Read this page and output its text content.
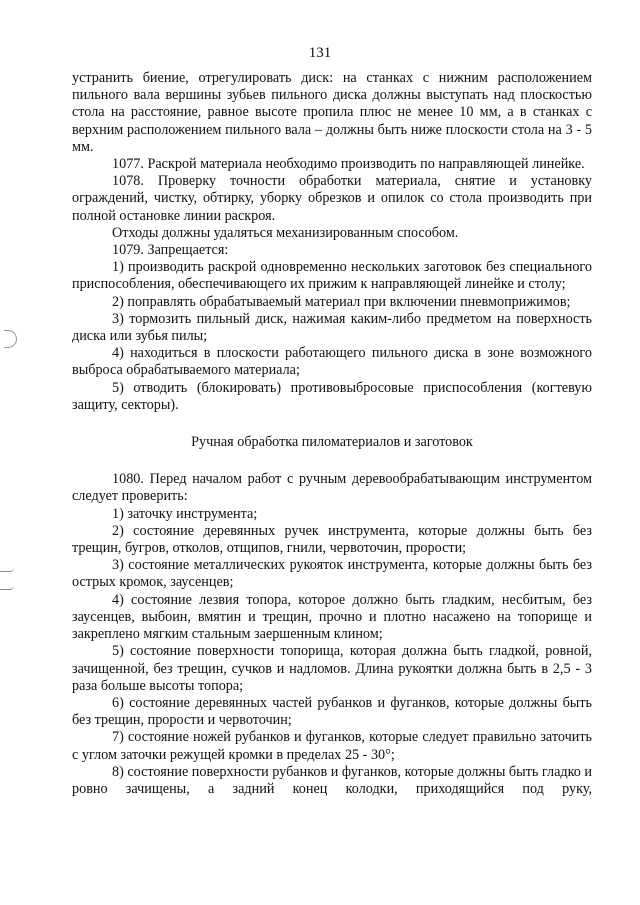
131

устранить биение, отрегулировать диск: на станках с нижним расположением пильного вала вершины зубьев пильного диска должны выступать над плоскостью стола на расстояние, равное высоте пропила плюс не менее 10 мм, а в станках с верхним расположением пильного вала – должны быть ниже плоскости стола на 3 - 5 мм.

1077. Раскрой материала необходимо производить по направляющей линейке.

1078. Проверку точности обработки материала, снятие и установку ограждений, чистку, обтирку, уборку обрезков и опилок со стола производить при полной остановке линии раскроя.

Отходы должны удаляться механизированным способом.

1079. Запрещается:

1) производить раскрой одновременно нескольких заготовок без специального приспособления, обеспечивающего их прижим к направляющей линейке и столу;

2) поправлять обрабатываемый материал при включении пневмоприжимов;

3) тормозить пильный диск, нажимая каким-либо предметом на поверхность диска или зубья пилы;

4) находиться в плоскости работающего пильного диска в зоне возможного выброса обрабатываемого материала;

5) отводить (блокировать) противовыбросовые приспособления (когтевую защиту, секторы).

Ручная обработка пиломатериалов и заготовок

1080. Перед началом работ с ручным деревообрабатывающим инструментом следует проверить:

1) заточку инструмента;

2) состояние деревянных ручек инструмента, которые должны быть без трещин, бугров, отколов, отщипов, гнили, червоточин, прорости;

3) состояние металлических рукояток инструмента, которые должны быть без острых кромок, заусенцев;

4) состояние лезвия топора, которое должно быть гладким, несбитым, без заусенцев, выбоин, вмятин и трещин, прочно и плотно насажено на топорище и закреплено мягким стальным заершенным клином;

5) состояние поверхности топорища, которая должна быть гладкой, ровной, зачищенной, без трещин, сучков и надломов. Длина рукоятки должна быть в 2,5 - 3 раза больше высоты топора;

6) состояние деревянных частей рубанков и фуганков, которые должны быть без трещин, прорости и червоточин;

7) состояние ножей рубанков и фуганков, которые следует правильно заточить с углом заточки режущей кромки в пределах 25 - 30°;

8) состояние поверхности рубанков и фуганков, которые должны быть гладко и ровно зачищены, а задний конец колодки, приходящийся под руку,
